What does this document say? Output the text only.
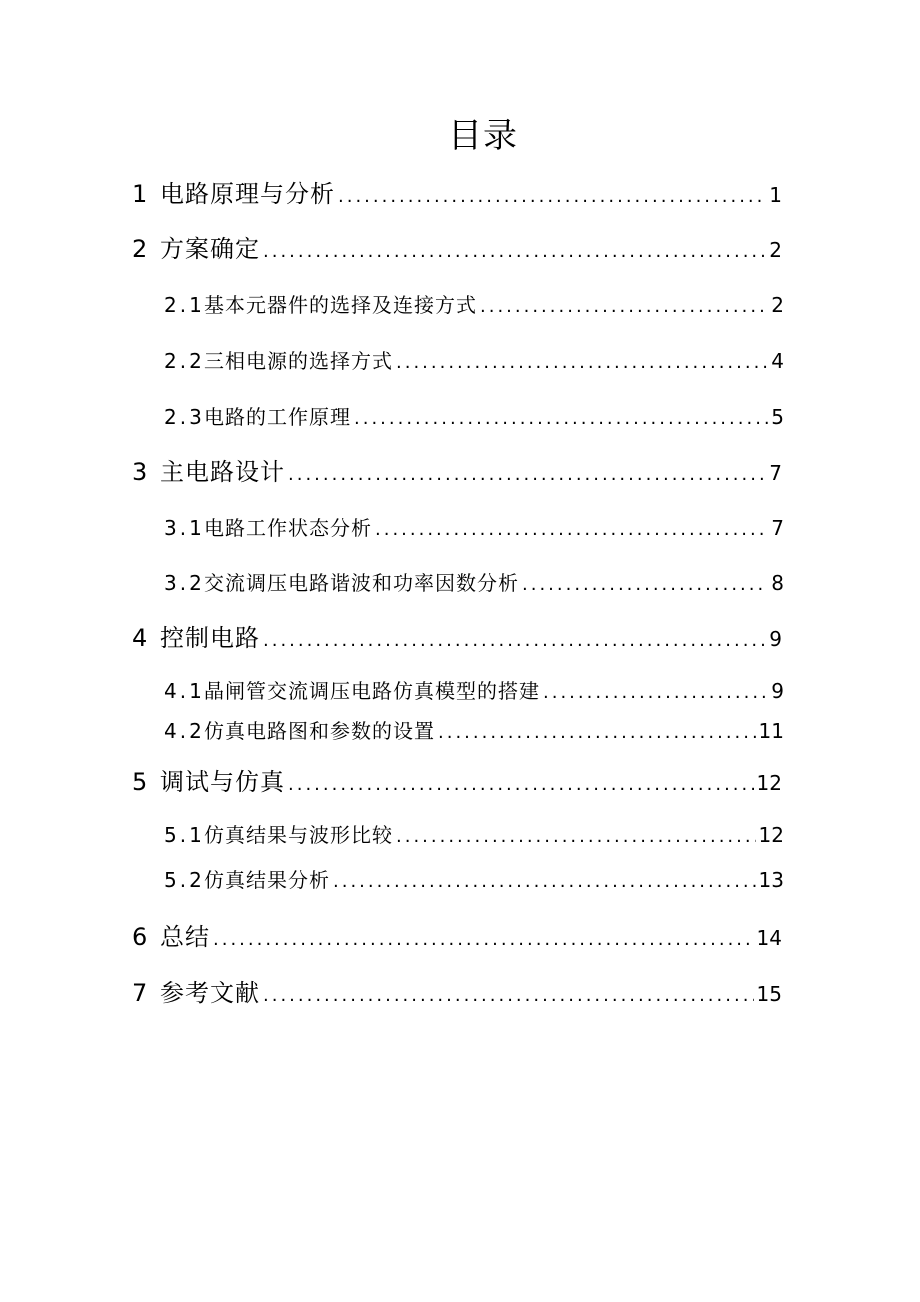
目录
1 电路原理与分析 .....	1
2 方案确定 .....	2
2.1 基本元器件的选择及连接方式 .....	2
2.2 三相电源的选择方式 .....	4
2.3 电路的工作原理 .....	5
3 主电路设计 .....	7
3.1 电路工作状态分析 .....	7
3.2 交流调压电路谐波和功率因数分析 .....	8
4 控制电路 .....	9
4.1 晶闸管交流调压电路仿真模型的搭建 .....	9
4.2 仿真电路图和参数的设置 .....	11
5 调试与仿真 .....	12
5.1 仿真结果与波形比较 .....	12
5.2 仿真结果分析 .....	13
6 总结 .....	14
7 参考文献 .....	15
